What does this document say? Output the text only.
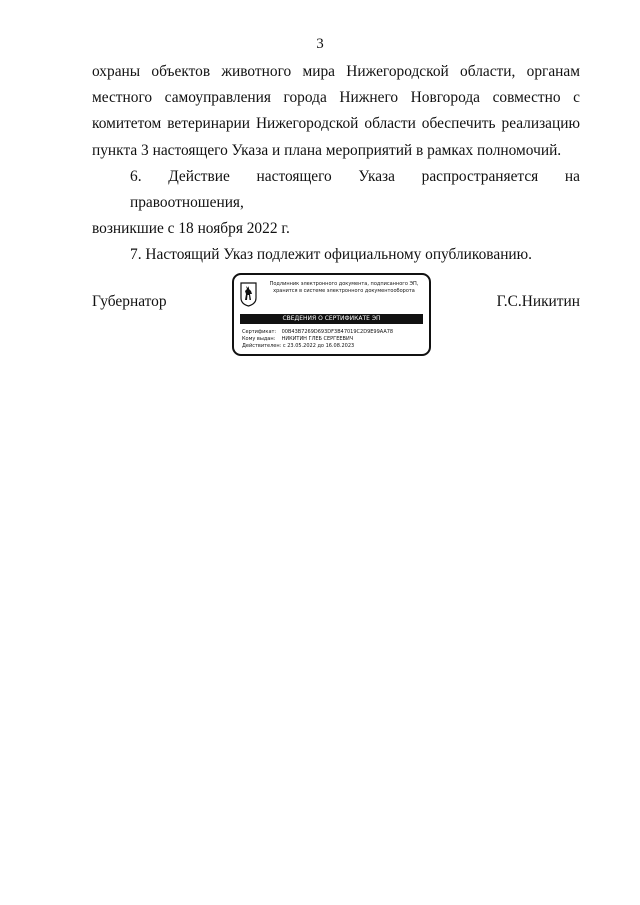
3

охраны объектов животного мира Нижегородской области, органам
местного самоуправления города Нижнего Новгорода совместно с
комитетом ветеринарии Нижегородской области обеспечить реализацию
пункта 3 настоящего Указа и плана мероприятий в рамках полномочий.

6. Действие настоящего Указа распространяется на правоотношения,
возникшие с 18 ноября 2022 г.

7. Настоящий Указ подлежит официальному опубликованию.

Губернатор	Г.С.Никитин
Подлинник электронного документа, подписанного ЭП,
хранится в системе электронного документооборота
СВЕДЕНИЯ О СЕРТИФИКАТЕ ЭП
Сертификат: 00B43B7269D693DF3B47019C2D9E99AA78
Кому выдан: НИКИТИН ГЛЕБ СЕРГЕЕВИЧ
Действителен: с 23.05.2022 до 16.08.2023
